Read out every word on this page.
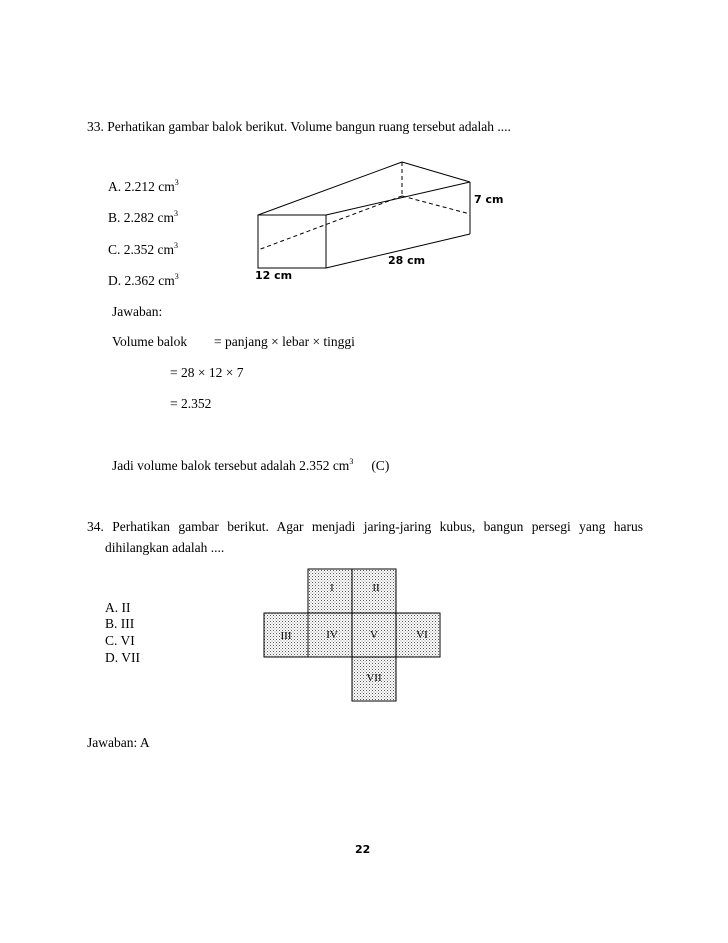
33. Perhatikan gambar balok berikut. Volume bangun ruang tersebut adalah ....
A. 2.212 $cm^3$
B. 2.282 $cm^3$
C. 2.352 $cm^3$
D. 2.362 $cm^3$
7 cm
28 cm
12 cm
Jawaban:
Volume balok = panjang × lebar × tinggi
= 28 × 12 × 7
= 2.352
Jadi volume balok tersebut adalah 2.352 $cm^3$ (C)
34. Perhatikan gambar berikut. Agar menjadi jaring-jaring kubus, bangun persegi yang harus
dihilangkan adalah ....
A. II
B. III
C. VI
D. VII
I	II
III	IV	V	VI
VII
Jawaban: A
22
